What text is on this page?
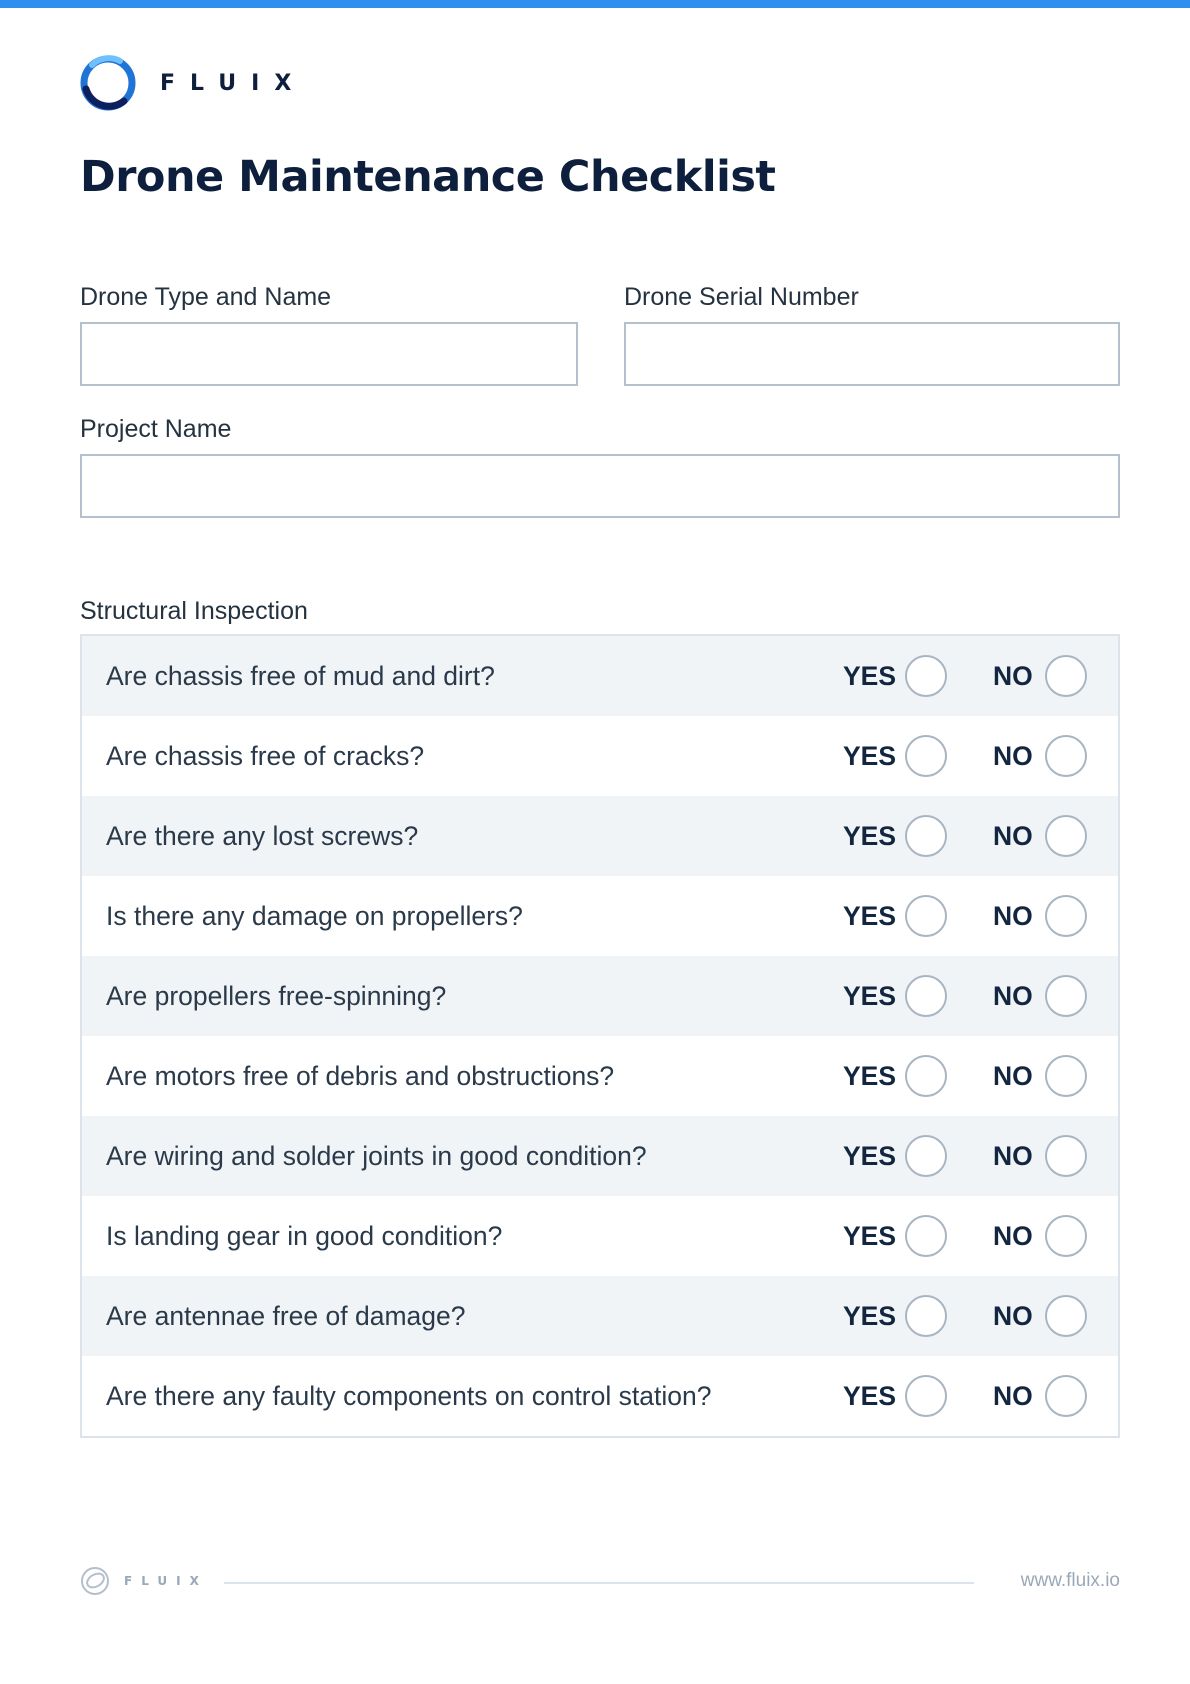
FLUIX
Drone Maintenance Checklist
Drone Type and Name	Drone Serial Number
Project Name
Structural Inspection
Are chassis free of mud and dirt?	YES	NO
Are chassis free of cracks?	YES	NO
Are there any lost screws?	YES	NO
Is there any damage on propellers?	YES	NO
Are propellers free-spinning?	YES	NO
Are motors free of debris and obstructions?	YES	NO
Are wiring and solder joints in good condition?	YES	NO
Is landing gear in good condition?	YES	NO
Are antennae free of damage?	YES	NO
Are there any faulty components on control station?	YES	NO
FLUIX	www.fluix.io
